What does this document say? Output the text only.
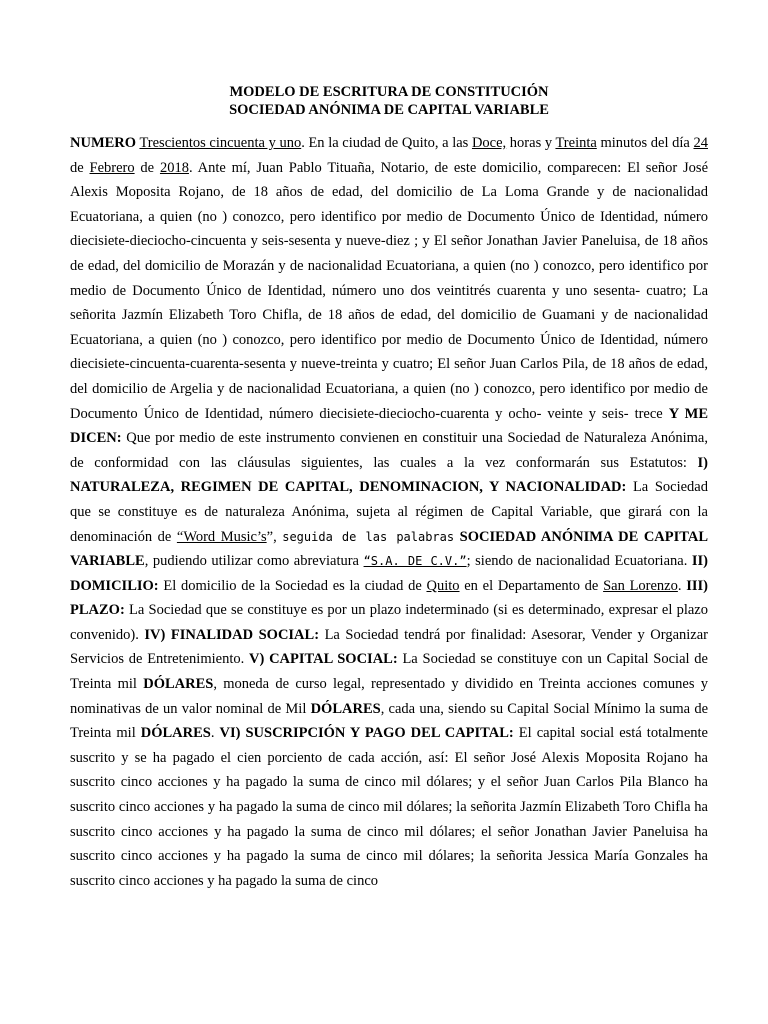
MODELO DE ESCRITURA DE CONSTITUCIÓN
SOCIEDAD ANÓNIMA DE CAPITAL VARIABLE

NUMERO Trescientos cincuenta y uno. En la ciudad de Quito, a las Doce, horas y Treinta minutos del día 24 de Febrero de 2018. Ante mí, Juan Pablo Tituaña, Notario, de este domicilio, comparecen: El señor José Alexis Moposita Rojano, de 18 años de edad, del domicilio de La Loma Grande y de nacionalidad Ecuatoriana, a quien (no ) conozco, pero identifico por medio de Documento Único de Identidad, número diecisiete-dieciocho-cincuenta y seis-sesenta y nueve-diez ; y El señor Jonathan Javier Paneluisa, de 18 años de edad, del domicilio de Morazán y de nacionalidad Ecuatoriana, a quien (no ) conozco, pero identifico por medio de Documento Único de Identidad, número uno dos veintitrés cuarenta y uno sesenta- cuatro; La señorita Jazmín Elizabeth Toro Chifla, de 18 años de edad, del domicilio de Guamani y de nacionalidad Ecuatoriana, a quien (no ) conozco, pero identifico por medio de Documento Único de Identidad, número diecisiete-cincuenta-cuarenta-sesenta y nueve-treinta y cuatro; El señor Juan Carlos Pila, de 18 años de edad, del domicilio de Argelia y de nacionalidad Ecuatoriana, a quien (no ) conozco, pero identifico por medio de Documento Único de Identidad, número diecisiete-dieciocho-cuarenta y ocho- veinte y seis- trece Y ME DICEN: Que por medio de este instrumento convienen en constituir una Sociedad de Naturaleza Anónima, de conformidad con las cláusulas siguientes, las cuales a la vez conformarán sus Estatutos: I) NATURALEZA, REGIMEN DE CAPITAL, DENOMINACION, Y NACIONALIDAD: La Sociedad que se constituye es de naturaleza Anónima, sujeta al régimen de Capital Variable, que girará con la denominación de “Word Music’s”, seguida de las palabras SOCIEDAD ANÓNIMA DE CAPITAL VARIABLE, pudiendo utilizar como abreviatura “S.A. DE C.V.”; siendo de nacionalidad Ecuatoriana. II) DOMICILIO: El domicilio de la Sociedad es la ciudad de Quito en el Departamento de San Lorenzo. III) PLAZO: La Sociedad que se constituye es por un plazo indeterminado (si es determinado, expresar el plazo convenido). IV) FINALIDAD SOCIAL: La Sociedad tendrá por finalidad: Asesorar, Vender y Organizar Servicios de Entretenimiento. V) CAPITAL SOCIAL: La Sociedad se constituye con un Capital Social de Treinta mil DÓLARES, moneda de curso legal, representado y dividido en Treinta acciones comunes y nominativas de un valor nominal de Mil DÓLARES, cada una, siendo su Capital Social Mínimo la suma de Treinta mil DÓLARES. VI) SUSCRIPCIÓN Y PAGO DEL CAPITAL: El capital social está totalmente suscrito y se ha pagado el cien porciento de cada acción, así: El señor José Alexis Moposita Rojano ha suscrito cinco acciones y ha pagado la suma de cinco mil dólares; y el señor Juan Carlos Pila Blanco ha suscrito cinco acciones y ha pagado la suma de cinco mil dólares; la señorita Jazmín Elizabeth Toro Chifla ha suscrito cinco acciones y ha pagado la suma de cinco mil dólares; el señor Jonathan Javier Paneluisa ha suscrito cinco acciones y ha pagado la suma de cinco mil dólares; la señorita Jessica María Gonzales ha suscrito cinco acciones y ha pagado la suma de cinco
